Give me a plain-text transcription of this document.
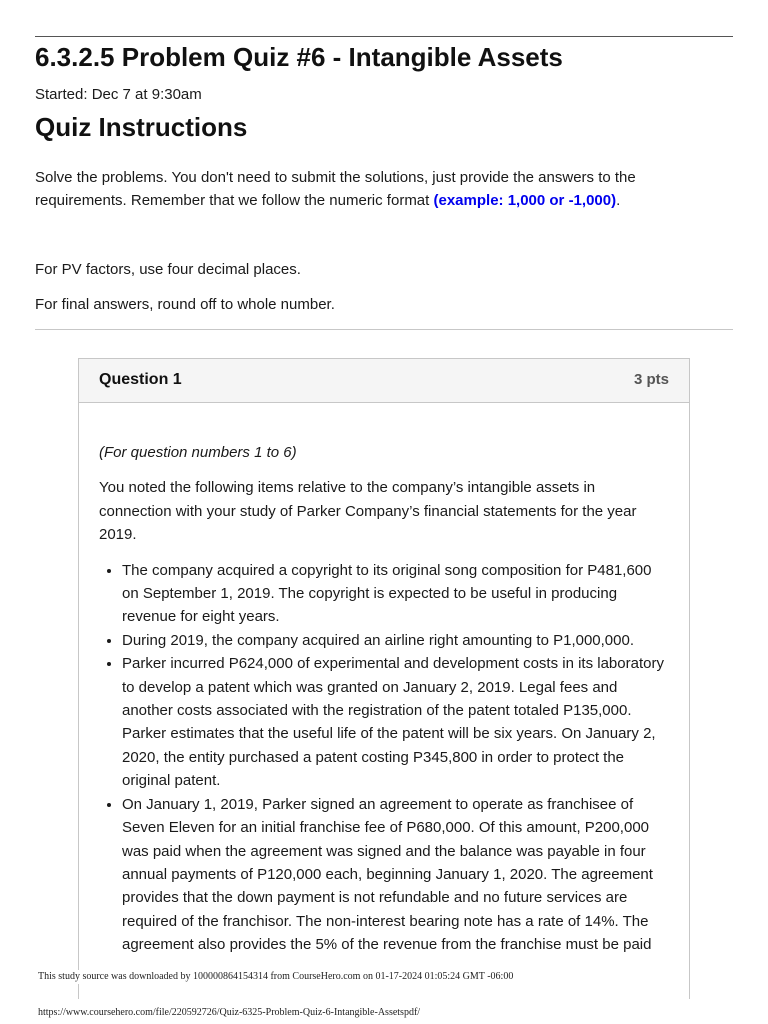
6.3.2.5 Problem Quiz #6 - Intangible Assets
Started: Dec 7 at 9:30am
Quiz Instructions

Solve the problems. You don't need to submit the solutions, just provide the answers to the requirements. Remember that we follow the numeric format (example: 1,000 or -1,000).

For PV factors, use four decimal places.

For final answers, round off to whole number.

Question 1	3 pts

(For question numbers 1 to 6)

You noted the following items relative to the company’s intangible assets in connection with your study of Parker Company’s financial statements for the year 2019.

• The company acquired a copyright to its original song composition for P481,600 on September 1, 2019. The copyright is expected to be useful in producing revenue for eight years.
• During 2019, the company acquired an airline right amounting to P1,000,000.
• Parker incurred P624,000 of experimental and development costs in its laboratory to develop a patent which was granted on January 2, 2019. Legal fees and another costs associated with the registration of the patent totaled P135,000. Parker estimates that the useful life of the patent will be six years. On January 2, 2020, the entity purchased a patent costing P345,800 in order to protect the original patent.
• On January 1, 2019, Parker signed an agreement to operate as franchisee of Seven Eleven for an initial franchise fee of P680,000. Of this amount, P200,000 was paid when the agreement was signed and the balance was payable in four annual payments of P120,000 each, beginning January 1, 2020. The agreement provides that the down payment is not refundable and no future services are required of the franchisor. The non-interest bearing note has a rate of 14%. The agreement also provides the 5% of the revenue from the franchise must be paid
This study source was downloaded by 100000864154314 from CourseHero.com on 01-17-2024 01:05:24 GMT -06:00
https://www.coursehero.com/file/220592726/Quiz-6325-Problem-Quiz-6-Intangible-Assetspdf/
